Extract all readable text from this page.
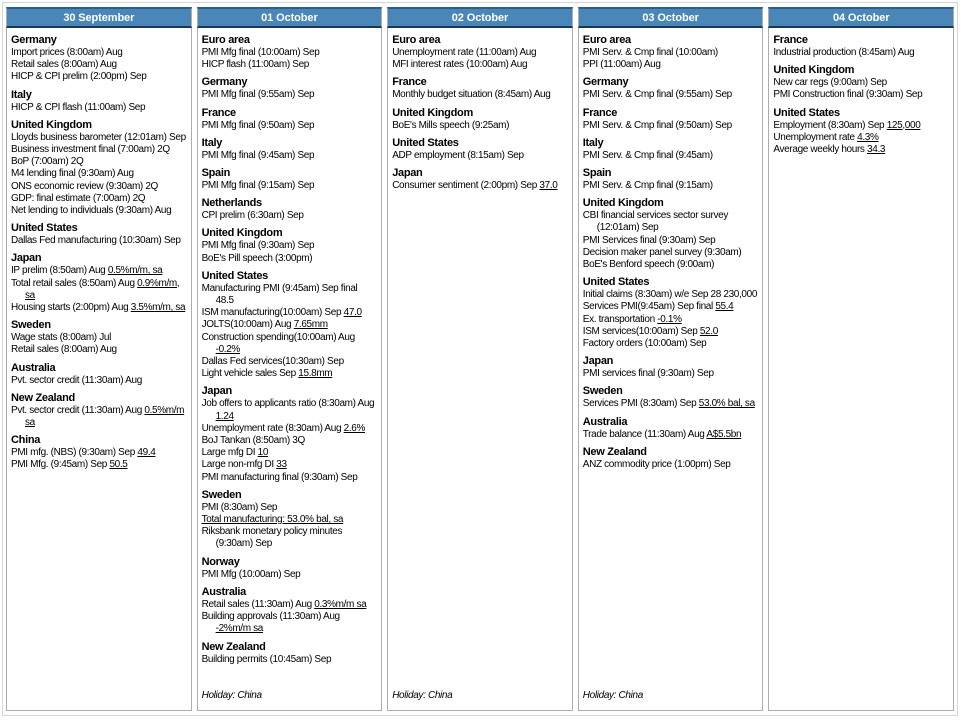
30 September
Germany
Import prices (8:00am) Aug
Retail sales (8:00am) Aug
HICP & CPI prelim (2:00pm) Sep
Italy
HICP & CPI flash (11:00am) Sep
United Kingdom
Lloyds business barometer (12:01am) Sep
Business investment final (7:00am) 2Q
BoP (7:00am) 2Q
M4 lending final (9:30am) Aug
ONS economic review (9:30am) 2Q
GDP: final estimate (7:00am) 2Q
Net lending to individuals (9:30am) Aug
United States
Dallas Fed manufacturing (10:30am) Sep
Japan
IP prelim (8:50am) Aug 0.5%m/m, sa
Total retail sales (8:50am) Aug 0.9%m/m, sa
Housing starts (2:00pm) Aug 3.5%m/m, sa
Sweden
Wage stats (8:00am) Jul
Retail sales (8:00am) Aug
Australia
Pvt. sector credit (11:30am) Aug
New Zealand
Pvt. sector credit (11:30am) Aug 0.5%m/m sa
China
PMI mfg. (NBS) (9:30am) Sep 49.4
PMI Mfg. (9:45am) Sep 50.5
01 October
Euro area
PMI Mfg final (10:00am) Sep
HICP flash (11:00am) Sep
Germany
PMI Mfg final (9:55am) Sep
France
PMI Mfg final (9:50am) Sep
Italy
PMI Mfg final (9:45am) Sep
Spain
PMI Mfg final (9:15am) Sep
Netherlands
CPI prelim (6:30am) Sep
United Kingdom
PMI Mfg final (9:30am) Sep
BoE's Pill speech (3:00pm)
United States
Manufacturing PMI (9:45am) Sep final 48.5
ISM manufacturing(10:00am) Sep 47.0
JOLTS(10:00am) Aug 7.65mm
Construction spending(10:00am) Aug -0.2%
Dallas Fed services(10:30am) Sep
Light vehicle sales Sep 15.8mm
Japan
Job offers to applicants ratio (8:30am) Aug 1.24
Unemployment rate (8:30am) Aug 2.6%
BoJ Tankan (8:50am) 3Q
Large mfg DI 10
Large non-mfg DI 33
PMI manufacturing final (9:30am) Sep
Sweden
PMI (8:30am) Sep
Total manufacturing: 53.0% bal, sa
Riksbank monetary policy minutes (9:30am) Sep
Norway
PMI Mfg (10:00am) Sep
Australia
Retail sales (11:30am) Aug 0.3%m/m sa
Building approvals (11:30am) Aug -2%m/m sa
New Zealand
Building permits (10:45am) Sep
Holiday: China
02 October
Euro area
Unemployment rate (11:00am) Aug
MFI interest rates (10:00am) Aug
France
Monthly budget situation (8:45am) Aug
United Kingdom
BoE's Mills speech (9:25am)
United States
ADP employment (8:15am) Sep
Japan
Consumer sentiment (2:00pm) Sep 37.0
Holiday: China
03 October
Euro area
PMI Serv. & Cmp final (10:00am)
PPI (11:00am) Aug
Germany
PMI Serv. & Cmp final (9:55am) Sep
France
PMI Serv. & Cmp final (9:50am) Sep
Italy
PMI Serv. & Cmp final (9:45am)
Spain
PMI Serv. & Cmp final (9:15am)
United Kingdom
CBI financial services sector survey (12:01am) Sep
PMI Services final (9:30am) Sep
Decision maker panel survey (9:30am)
BoE's Benford speech (9:00am)
United States
Initial claims (8:30am) w/e Sep 28 230,000
Services PMI(9:45am) Sep final 55.4
Ex. transportation -0.1%
ISM services(10:00am) Sep 52.0
Factory orders (10:00am) Sep
Japan
PMI services final (9:30am) Sep
Sweden
Services PMI (8:30am) Sep 53.0% bal, sa
Australia
Trade balance (11:30am) Aug A$5.5bn
New Zealand
ANZ commodity price (1:00pm) Sep
Holiday: China
04 October
France
Industrial production (8:45am) Aug
United Kingdom
New car regs (9:00am) Sep
PMI Construction final (9:30am) Sep
United States
Employment (8:30am) Sep 125,000
Unemployment rate 4.3%
Average weekly hours 34.3
